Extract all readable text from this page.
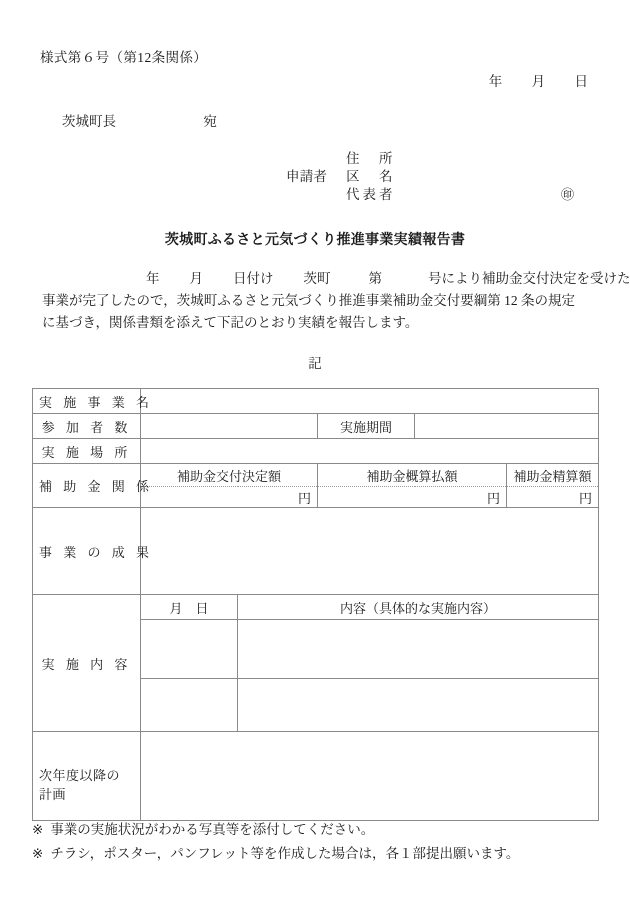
様式第６号（第12条関係）
年 月 日
茨城町長	宛
住　所
申請者	区　名
代表者	㊞
茨城町ふるさと元気づくり推進事業実績報告書
年 月 日付け 茨町	第	号により補助金交付決定を受けた
事業が完了したので，茨城町ふるさと元気づくり推進事業補助金交付要綱第 12 条の規定
に基づき，関係書類を添えて下記のとおり実績を報告します。
記
実 施 事 業 名					
参 加 者 数			実施期間		
実 施 場 所					
補 助 金 関 係	補助金交付決定額		補助金概算払額		補助金精算額
	円		円		円
事 業 の 成 果					
実 施 内 容	月　日	内容（具体的な実施内容）			

次年度以降の
計画					

※ 事業の実施状況がわかる写真等を添付してください。
※ チラシ，ポスター，パンフレット等を作成した場合は，各１部提出願います。
